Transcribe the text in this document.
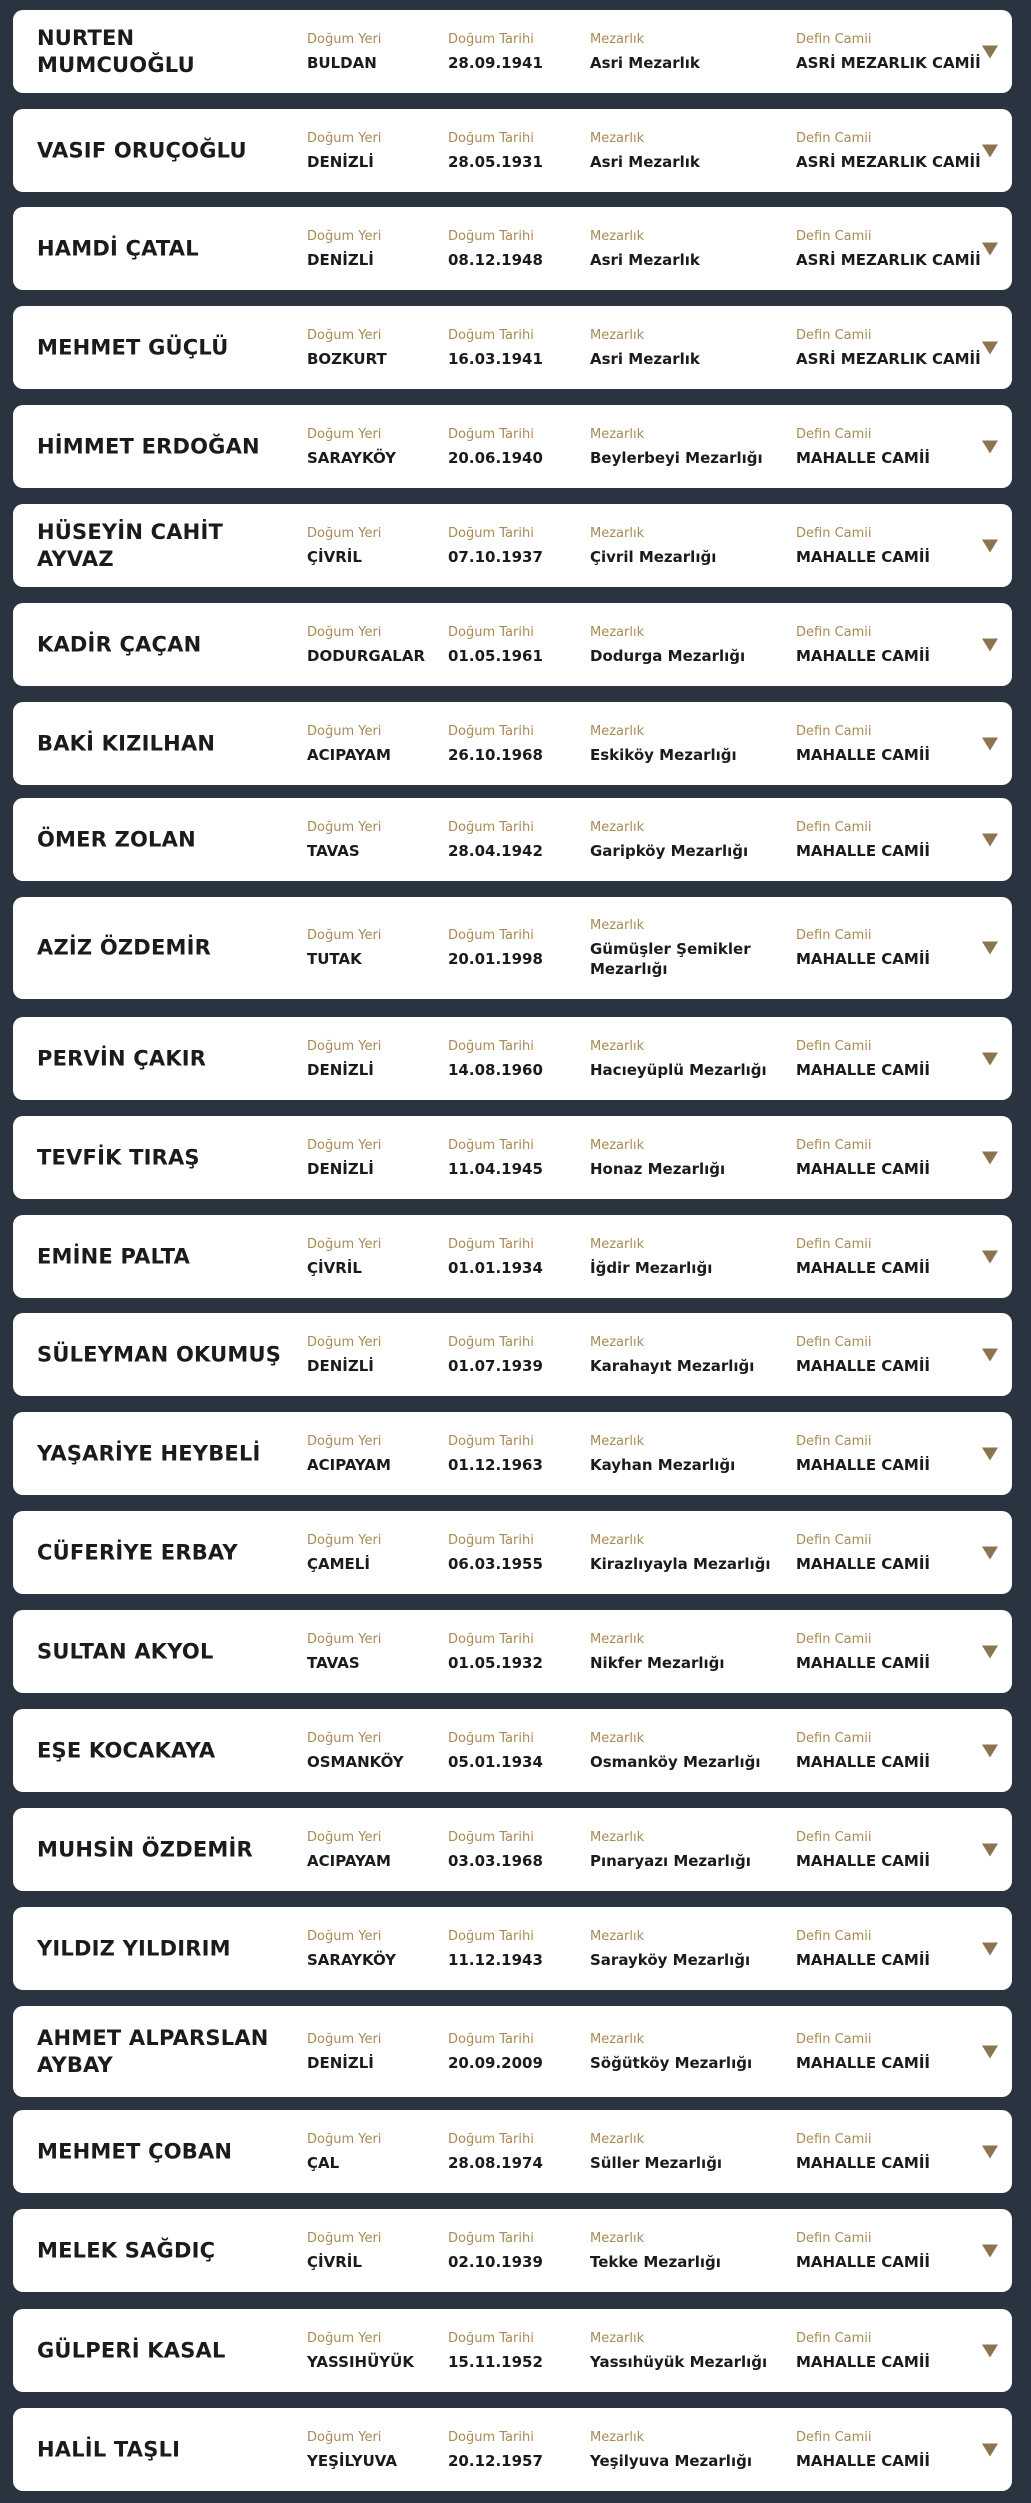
NURTEN MUMCUOĞLU
Doğum Yeri
BULDAN
Doğum Tarihi
28.09.1941
Mezarlık
Asri Mezarlık
Defin Camii
ASRİ MEZARLIK CAMİİ
VASIF ORUÇOĞLU	Doğum Yeri
DENİZLİ
Doğum Tarihi
28.05.1931
Mezarlık
Asri Mezarlık
Defin Camii
ASRİ MEZARLIK CAMİİ
HAMDİ ÇATAL	Doğum Yeri
DENİZLİ
Doğum Tarihi
08.12.1948
Mezarlık
Asri Mezarlık
Defin Camii
ASRİ MEZARLIK CAMİİ
MEHMET GÜÇLÜ	Doğum Yeri
BOZKURT
Doğum Tarihi
16.03.1941
Mezarlık
Asri Mezarlık
Defin Camii
ASRİ MEZARLIK CAMİİ
HİMMET ERDOĞAN	Doğum Yeri
SARAYKÖY
Doğum Tarihi
20.06.1940
Mezarlık
Beylerbeyi Mezarlığı
Defin Camii
MAHALLE CAMİİ
HÜSEYİN CAHİT AYVAZ
Doğum Yeri
ÇİVRİL
Doğum Tarihi
07.10.1937
Mezarlık
Çivril Mezarlığı
Defin Camii
MAHALLE CAMİİ
KADİR ÇAÇAN	Doğum Yeri
DODURGALAR
Doğum Tarihi
01.05.1961
Mezarlık
Dodurga Mezarlığı
Defin Camii
MAHALLE CAMİİ
BAKİ KIZILHAN	Doğum Yeri
ACIPAYAM
Doğum Tarihi
26.10.1968
Mezarlık
Eskiköy Mezarlığı
Defin Camii
MAHALLE CAMİİ
ÖMER ZOLAN	Doğum Yeri
TAVAS
Doğum Tarihi
28.04.1942
Mezarlık
Garipköy Mezarlığı
Defin Camii
MAHALLE CAMİİ
AZİZ ÖZDEMİR	Doğum Yeri
TUTAK
Doğum Tarihi
20.01.1998
Mezarlık
Gümüşler Şemikler Mezarlığı
Defin Camii
MAHALLE CAMİİ
PERVİN ÇAKIR	Doğum Yeri
DENİZLİ
Doğum Tarihi
14.08.1960
Mezarlık
Hacıeyüplü Mezarlığı
Defin Camii
MAHALLE CAMİİ
TEVFİK TIRAŞ	Doğum Yeri
DENİZLİ
Doğum Tarihi
11.04.1945
Mezarlık
Honaz Mezarlığı
Defin Camii
MAHALLE CAMİİ
EMİNE PALTA	Doğum Yeri
ÇİVRİL
Doğum Tarihi
01.01.1934
Mezarlık
İğdir Mezarlığı
Defin Camii
MAHALLE CAMİİ
SÜLEYMAN OKUMUŞ	Doğum Yeri
DENİZLİ
Doğum Tarihi
01.07.1939
Mezarlık
Karahayıt Mezarlığı
Defin Camii
MAHALLE CAMİİ
YAŞARİYE HEYBELİ	Doğum Yeri
ACIPAYAM
Doğum Tarihi
01.12.1963
Mezarlık
Kayhan Mezarlığı
Defin Camii
MAHALLE CAMİİ
CÜFERİYE ERBAY	Doğum Yeri
ÇAMELİ
Doğum Tarihi
06.03.1955
Mezarlık
Kirazlıyayla Mezarlığı
Defin Camii
MAHALLE CAMİİ
SULTAN AKYOL	Doğum Yeri
TAVAS
Doğum Tarihi
01.05.1932
Mezarlık
Nikfer Mezarlığı
Defin Camii
MAHALLE CAMİİ
EŞE KOCAKAYA	Doğum Yeri
OSMANKÖY
Doğum Tarihi
05.01.1934
Mezarlık
Osmanköy Mezarlığı
Defin Camii
MAHALLE CAMİİ
MUHSİN ÖZDEMİR	Doğum Yeri
ACIPAYAM
Doğum Tarihi
03.03.1968
Mezarlık
Pınaryazı Mezarlığı
Defin Camii
MAHALLE CAMİİ
YILDIZ YILDIRIM	Doğum Yeri
SARAYKÖY
Doğum Tarihi
11.12.1943
Mezarlık
Sarayköy Mezarlığı
Defin Camii
MAHALLE CAMİİ
AHMET ALPARSLAN AYBAY
Doğum Yeri
DENİZLİ
Doğum Tarihi
20.09.2009
Mezarlık
Söğütköy Mezarlığı
Defin Camii
MAHALLE CAMİİ
MEHMET ÇOBAN	Doğum Yeri
ÇAL
Doğum Tarihi
28.08.1974
Mezarlık
Süller Mezarlığı
Defin Camii
MAHALLE CAMİİ
MELEK SAĞDIÇ	Doğum Yeri
ÇİVRİL
Doğum Tarihi
02.10.1939
Mezarlık
Tekke Mezarlığı
Defin Camii
MAHALLE CAMİİ
GÜLPERİ KASAL	Doğum Yeri
YASSIHÜYÜK
Doğum Tarihi
15.11.1952
Mezarlık
Yassıhüyük Mezarlığı
Defin Camii
MAHALLE CAMİİ
HALİL TAŞLI	Doğum Yeri
YEŞİLYUVA
Doğum Tarihi
20.12.1957
Mezarlık
Yeşilyuva Mezarlığı
Defin Camii
MAHALLE CAMİİ
